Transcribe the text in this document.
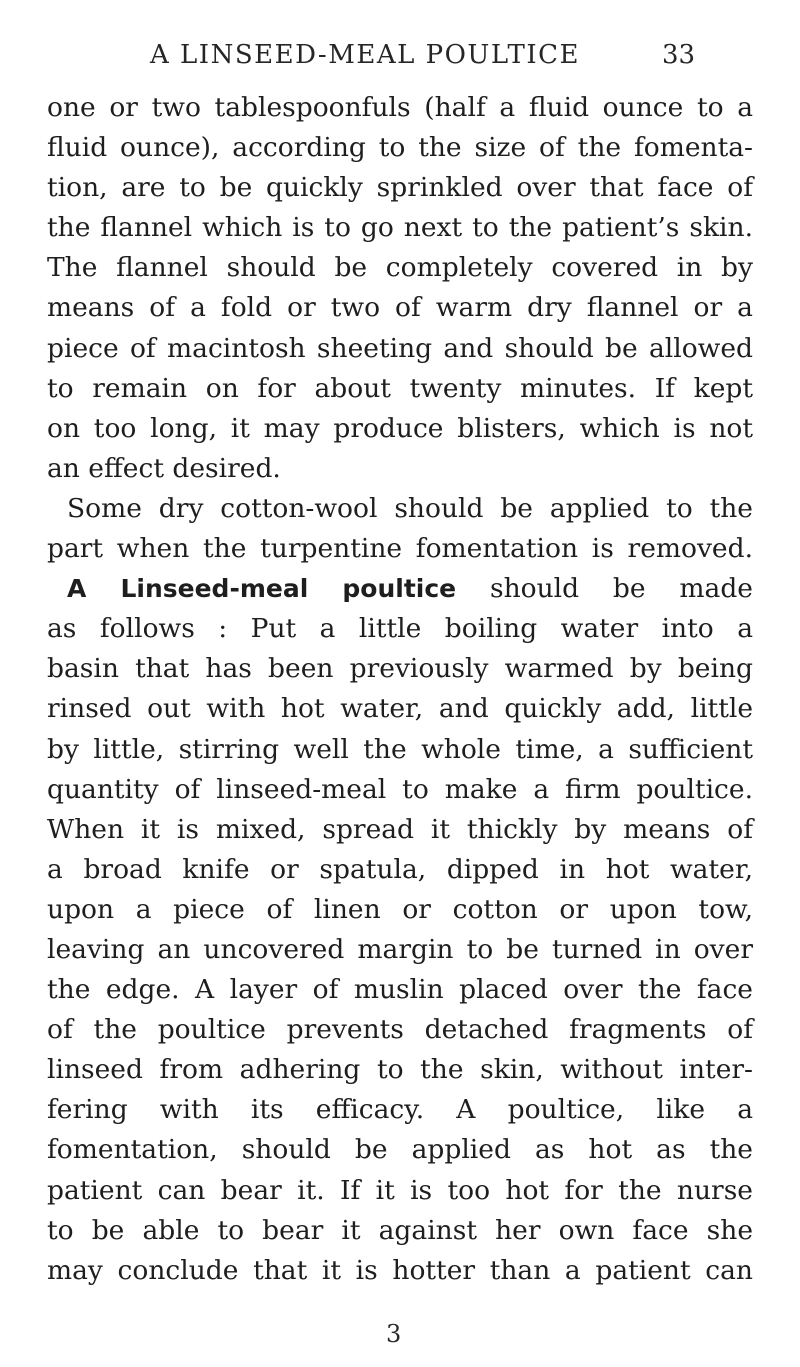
A LINSEED-MEAL POULTICE	33
one or two tablespoonfuls (half a fluid ounce to a
fluid ounce), according to the size of the fomenta-
tion, are to be quickly sprinkled over that face of
the flannel which is to go next to the patient’s skin.
The flannel should be completely covered in by
means of a fold or two of warm dry flannel or a
piece of macintosh sheeting and should be allowed
to remain on for about twenty minutes. If kept
on too long, it may produce blisters, which is not
an effect desired.
Some dry cotton-wool should be applied to the
part when the turpentine fomentation is removed.
A Linseed-meal poultice should be made
as follows : Put a little boiling water into a
basin that has been previously warmed by being
rinsed out with hot water, and quickly add, little
by little, stirring well the whole time, a sufficient
quantity of linseed-meal to make a firm poultice.
When it is mixed, spread it thickly by means of
a broad knife or spatula, dipped in hot water,
upon a piece of linen or cotton or upon tow,
leaving an uncovered margin to be turned in over
the edge. A layer of muslin placed over the face
of the poultice prevents detached fragments of
linseed from adhering to the skin, without inter-
fering with its efficacy. A poultice, like a
fomentation, should be applied as hot as the
patient can bear it. If it is too hot for the nurse
to be able to bear it against her own face she
may conclude that it is hotter than a patient can
3
